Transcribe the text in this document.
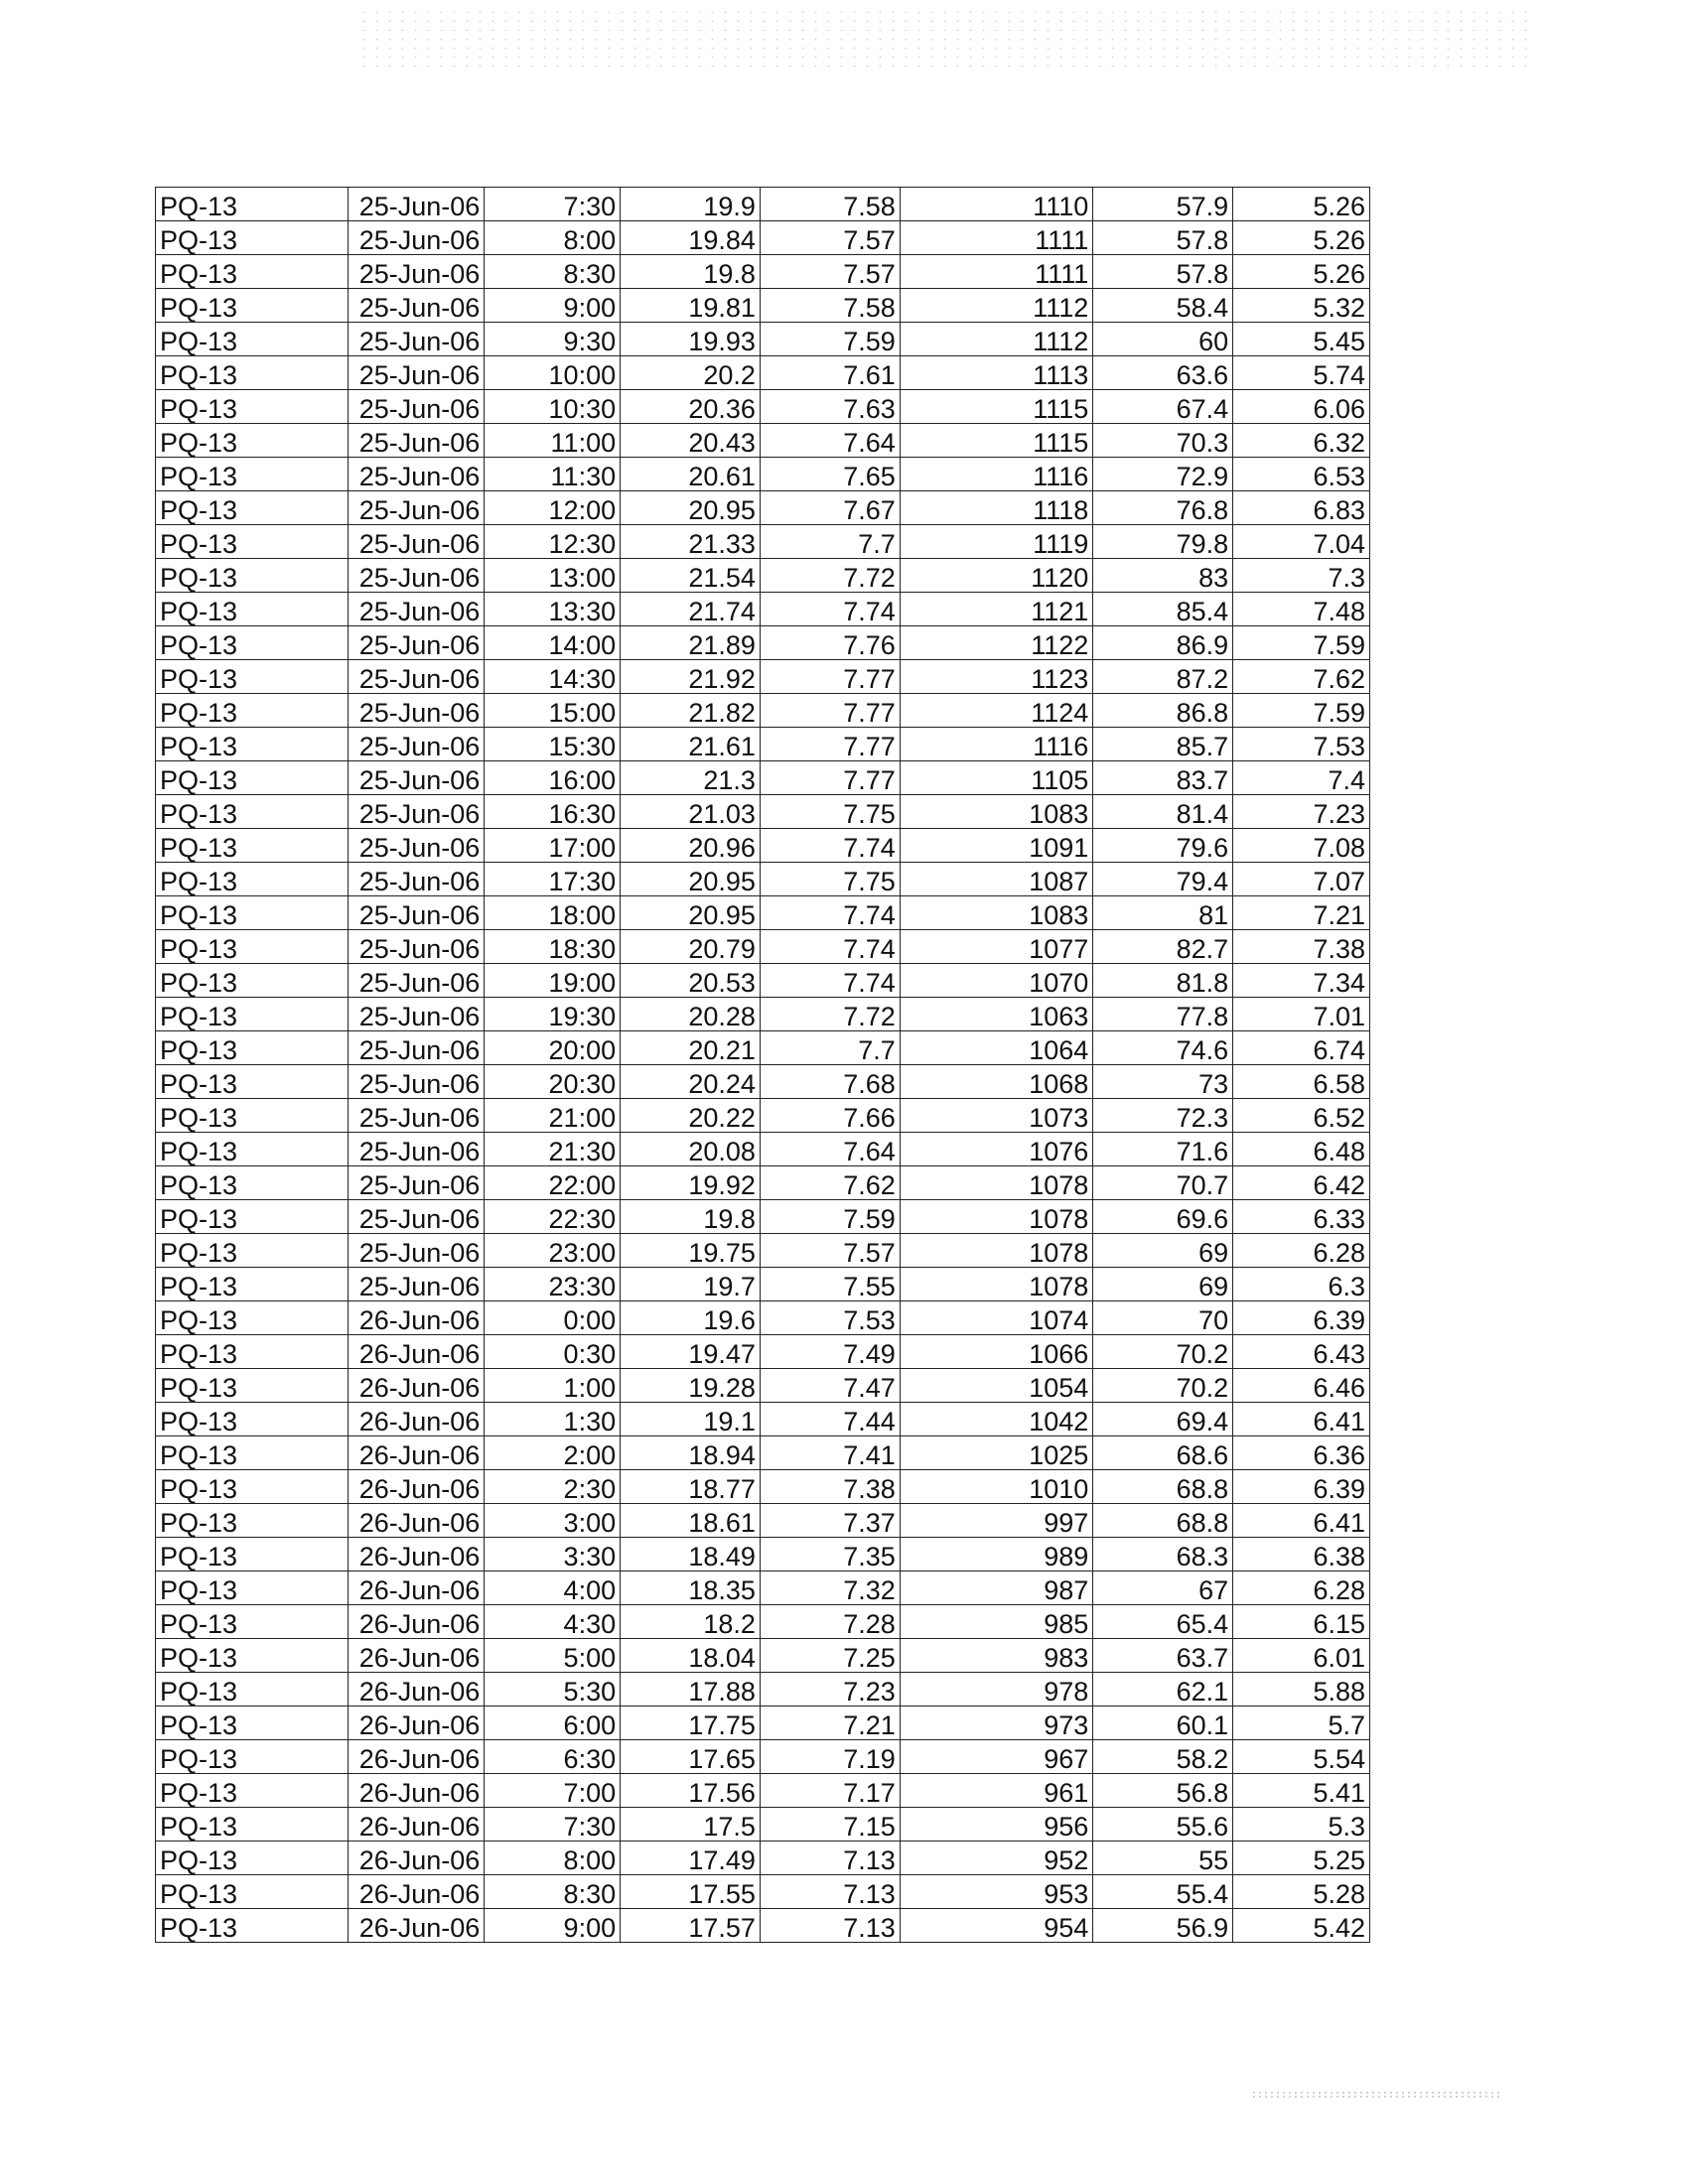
PQ-13	25-Jun-06	7:30	19.9	7.58	1110	57.9	5.26
PQ-13	25-Jun-06	8:00	19.84	7.57	1111	57.8	5.26
PQ-13	25-Jun-06	8:30	19.8	7.57	1111	57.8	5.26
PQ-13	25-Jun-06	9:00	19.81	7.58	1112	58.4	5.32
PQ-13	25-Jun-06	9:30	19.93	7.59	1112	60	5.45
PQ-13	25-Jun-06	10:00	20.2	7.61	1113	63.6	5.74
PQ-13	25-Jun-06	10:30	20.36	7.63	1115	67.4	6.06
PQ-13	25-Jun-06	11:00	20.43	7.64	1115	70.3	6.32
PQ-13	25-Jun-06	11:30	20.61	7.65	1116	72.9	6.53
PQ-13	25-Jun-06	12:00	20.95	7.67	1118	76.8	6.83
PQ-13	25-Jun-06	12:30	21.33	7.7	1119	79.8	7.04
PQ-13	25-Jun-06	13:00	21.54	7.72	1120	83	7.3
PQ-13	25-Jun-06	13:30	21.74	7.74	1121	85.4	7.48
PQ-13	25-Jun-06	14:00	21.89	7.76	1122	86.9	7.59
PQ-13	25-Jun-06	14:30	21.92	7.77	1123	87.2	7.62
PQ-13	25-Jun-06	15:00	21.82	7.77	1124	86.8	7.59
PQ-13	25-Jun-06	15:30	21.61	7.77	1116	85.7	7.53
PQ-13	25-Jun-06	16:00	21.3	7.77	1105	83.7	7.4
PQ-13	25-Jun-06	16:30	21.03	7.75	1083	81.4	7.23
PQ-13	25-Jun-06	17:00	20.96	7.74	1091	79.6	7.08
PQ-13	25-Jun-06	17:30	20.95	7.75	1087	79.4	7.07
PQ-13	25-Jun-06	18:00	20.95	7.74	1083	81	7.21
PQ-13	25-Jun-06	18:30	20.79	7.74	1077	82.7	7.38
PQ-13	25-Jun-06	19:00	20.53	7.74	1070	81.8	7.34
PQ-13	25-Jun-06	19:30	20.28	7.72	1063	77.8	7.01
PQ-13	25-Jun-06	20:00	20.21	7.7	1064	74.6	6.74
PQ-13	25-Jun-06	20:30	20.24	7.68	1068	73	6.58
PQ-13	25-Jun-06	21:00	20.22	7.66	1073	72.3	6.52
PQ-13	25-Jun-06	21:30	20.08	7.64	1076	71.6	6.48
PQ-13	25-Jun-06	22:00	19.92	7.62	1078	70.7	6.42
PQ-13	25-Jun-06	22:30	19.8	7.59	1078	69.6	6.33
PQ-13	25-Jun-06	23:00	19.75	7.57	1078	69	6.28
PQ-13	25-Jun-06	23:30	19.7	7.55	1078	69	6.3
PQ-13	26-Jun-06	0:00	19.6	7.53	1074	70	6.39
PQ-13	26-Jun-06	0:30	19.47	7.49	1066	70.2	6.43
PQ-13	26-Jun-06	1:00	19.28	7.47	1054	70.2	6.46
PQ-13	26-Jun-06	1:30	19.1	7.44	1042	69.4	6.41
PQ-13	26-Jun-06	2:00	18.94	7.41	1025	68.6	6.36
PQ-13	26-Jun-06	2:30	18.77	7.38	1010	68.8	6.39
PQ-13	26-Jun-06	3:00	18.61	7.37	997	68.8	6.41
PQ-13	26-Jun-06	3:30	18.49	7.35	989	68.3	6.38
PQ-13	26-Jun-06	4:00	18.35	7.32	987	67	6.28
PQ-13	26-Jun-06	4:30	18.2	7.28	985	65.4	6.15
PQ-13	26-Jun-06	5:00	18.04	7.25	983	63.7	6.01
PQ-13	26-Jun-06	5:30	17.88	7.23	978	62.1	5.88
PQ-13	26-Jun-06	6:00	17.75	7.21	973	60.1	5.7
PQ-13	26-Jun-06	6:30	17.65	7.19	967	58.2	5.54
PQ-13	26-Jun-06	7:00	17.56	7.17	961	56.8	5.41
PQ-13	26-Jun-06	7:30	17.5	7.15	956	55.6	5.3
PQ-13	26-Jun-06	8:00	17.49	7.13	952	55	5.25
PQ-13	26-Jun-06	8:30	17.55	7.13	953	55.4	5.28
PQ-13	26-Jun-06	9:00	17.57	7.13	954	56.9	5.42
